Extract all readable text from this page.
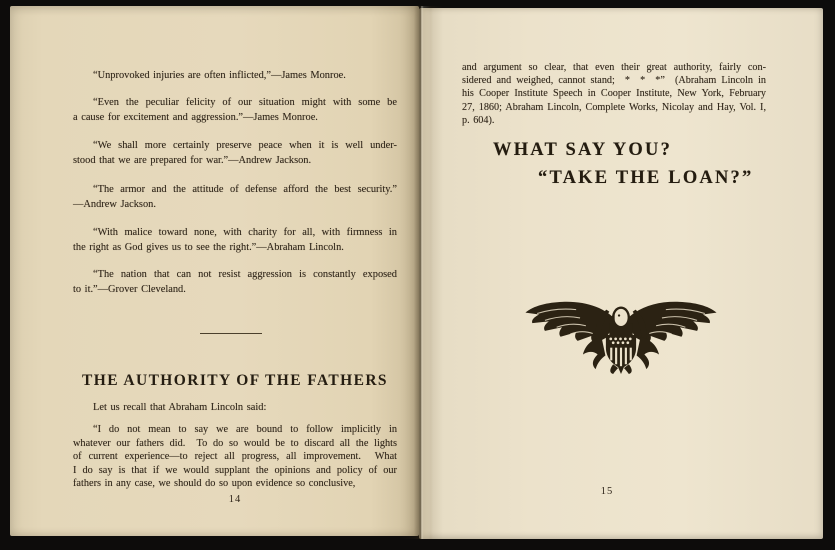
“Unprovoked injuries are often inflicted,”—James Monroe.
“Even the peculiar felicity of our situation might with some be
a cause for excitement and aggression.”—James Monroe.
“We shall more certainly preserve peace when it is well under-
stood that we are prepared for war.”—Andrew Jackson.
“The armor and the attitude of defense afford the best security.”
—Andrew Jackson.
“With malice toward none, with charity for all, with firmness in
the right as God gives us to see the right.”—Abraham Lincoln.
“The nation that can not resist aggression is constantly exposed
to it.”—Grover Cleveland.
THE AUTHORITY OF THE FATHERS
Let us recall that Abraham Lincoln said:
“I do not mean to say we are bound to follow implicitly in
whatever our fathers did.  To do so would be to discard all the lights
of current experience—to reject all progress, all improvement.  What
I do say is that if we would supplant the opinions and policy of our
fathers in any case, we should do so upon evidence so conclusive,
14
and argument so clear, that even their great authority, fairly con-
sidered and weighed, cannot stand;  *  *  *”  (Abraham Lincoln in
his Cooper Institute Speech in Cooper Institute, New York, February
27, 1860; Abraham Lincoln, Complete Works, Nicolay and Hay, Vol. I,
p. 604).
WHAT SAY YOU?
“TAKE THE LOAN?”
15
